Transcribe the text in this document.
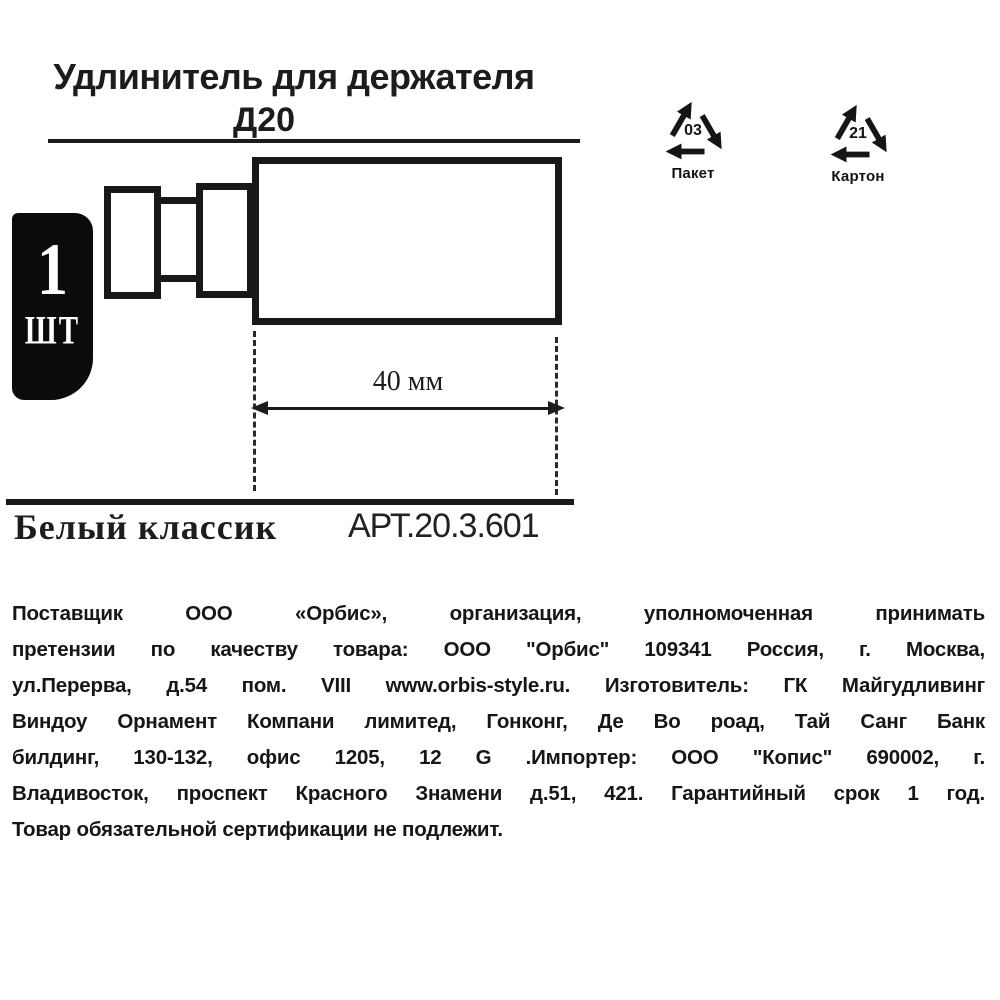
Удлинитель для держателя
Д20	03
Пакет
21
Картон
1
ШТ
40 мм
Белый классик АРТ.20.3.601
Поставщик ООО «Орбис», организация, уполномоченная принимать
претензии по качеству товара: ООО "Орбис" 109341 Россия, г. Москва,
ул.Перерва, д.54 пом. VIII www.orbis-style.ru. Изготовитель: ГК Майгудливинг
Виндоу Орнамент Компани лимитед, Гонконг, Де Во роад, Тай Санг Банк
билдинг, 130-132, офис 1205, 12 G .Импортер: ООО "Копис" 690002, г.
Владивосток, проспект Красного Знамени д.51, 421. Гарантийный срок 1 год.
Товар обязательной сертификации не подлежит.
